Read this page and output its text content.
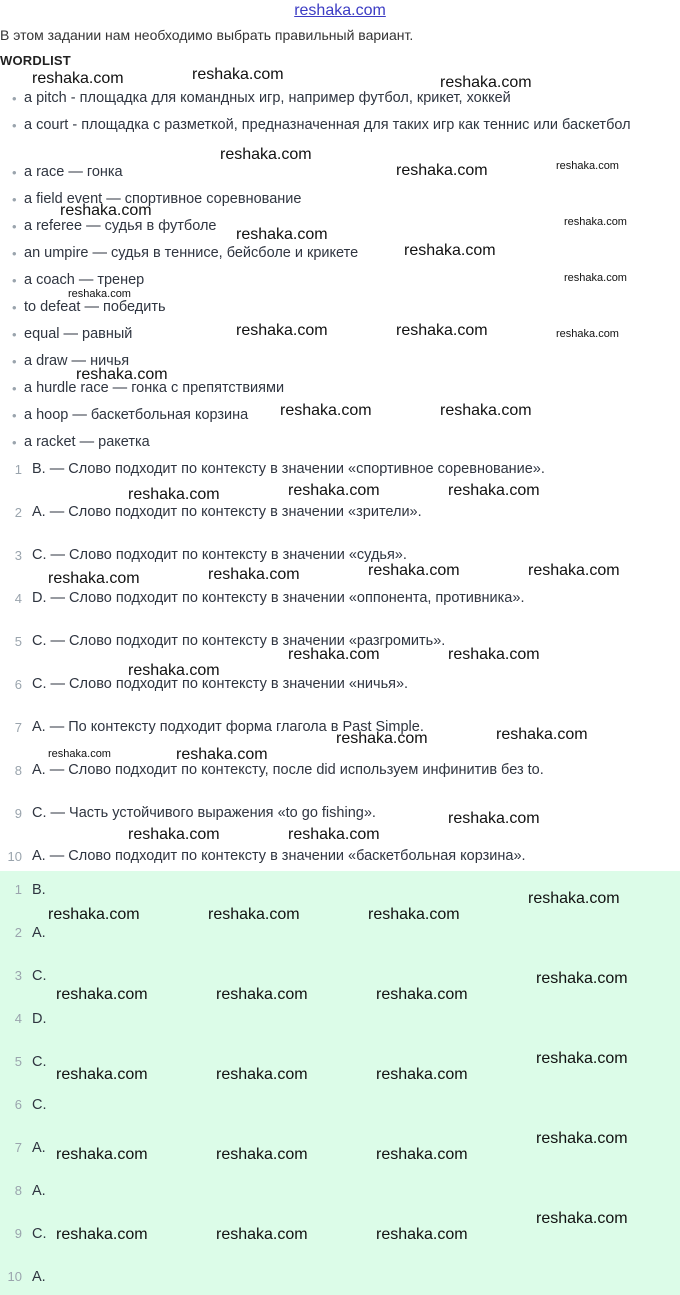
reshaka.com
В этом задании нам необходимо выбрать правильный вариант.
WORDLIST
• a pitch - площадка для командных игр, например футбол, крикет, хоккей
• a court - площадка с разметкой, предназначенная для таких игр как теннис или баскетбол
• a race — гонка
• a field event — спортивное соревнование
• a referee — судья в футболе
• an umpire — судья в теннисе, бейсболе и крикете
• a coach — тренер
• to defeat — победить
• equal — равный
• a draw — ничья
• a hurdle race — гонка с препятствиями
• a hoop — баскетбольная корзина
• a racket — ракетка
1 B. — Слово подходит по контексту в значении «спортивное соревнование».
2 A. — Слово подходит по контексту в значении «зрители».
3 C. — Слово подходит по контексту в значении «судья».
4 D. — Слово подходит по контексту в значении «оппонента, противника».
5 C. — Слово подходит по контексту в значении «разгромить».
6 C. — Слово подходит по контексту в значении «ничья».
7 A. — По контексту подходит форма глагола в Past Simple.
8 A. — Слово подходит по контексту, после did используем инфинитив без to.
9 C. — Часть устойчивого выражения «to go fishing».
10 A. — Слово подходит по контексту в значении «баскетбольная корзина».
1 B.
2 A.
3 C.
4 D.
5 C.
6 C.
7 A.
8 A.
9 C.
10 A.
reshaka.com	reshaka.com	reshaka.com
reshaka.com
reshaka.com	reshaka.com
reshaka.com
reshaka.com
reshaka.com
reshaka.com
reshaka.com
reshaka.com
reshaka.com	reshaka.com	reshaka.com
reshaka.com
reshaka.com	reshaka.com
reshaka.com	reshaka.com	reshaka.com
reshaka.com	reshaka.com	reshaka.com	reshaka.com
reshaka.com	reshaka.com
reshaka.com
reshaka.com	reshaka.com
reshaka.com	reshaka.com
reshaka.com
reshaka.com	reshaka.com
reshaka.com
reshaka.com	reshaka.com	reshaka.com
reshaka.com
reshaka.com	reshaka.com	reshaka.com
reshaka.com
reshaka.com	reshaka.com	reshaka.com
reshaka.com
reshaka.com	reshaka.com	reshaka.com
reshaka.com
reshaka.com	reshaka.com	reshaka.com
